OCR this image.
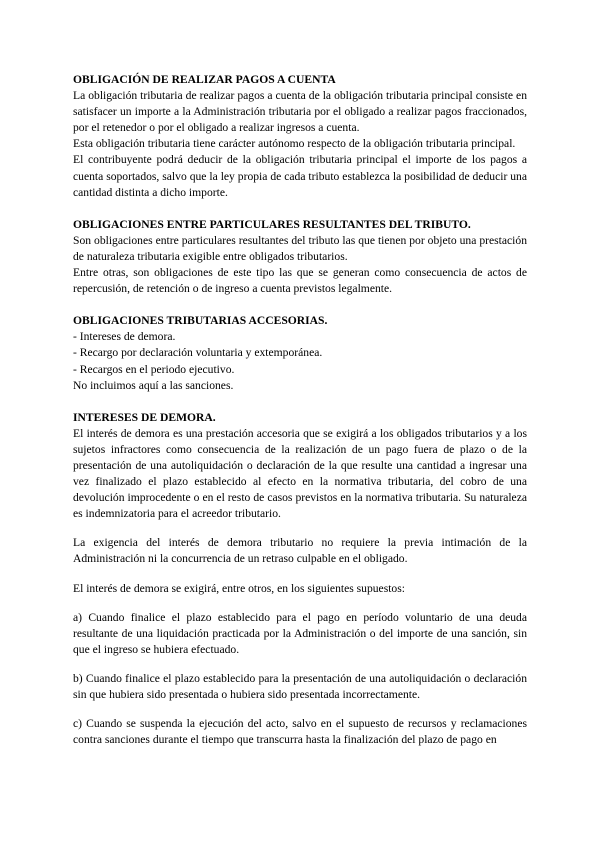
OBLIGACIÓN DE REALIZAR PAGOS A CUENTA

La obligación tributaria de realizar pagos a cuenta de la obligación tributaria principal consiste en satisfacer un importe a la Administración tributaria por el obligado a realizar pagos fraccionados, por el retenedor o por el obligado a realizar ingresos a cuenta.

Esta obligación tributaria tiene carácter autónomo respecto de la obligación tributaria principal.

El contribuyente podrá deducir de la obligación tributaria principal el importe de los pagos a cuenta soportados, salvo que la ley propia de cada tributo establezca la posibilidad de deducir una cantidad distinta a dicho importe.

OBLIGACIONES ENTRE PARTICULARES RESULTANTES DEL TRIBUTO.

Son obligaciones entre particulares resultantes del tributo las que tienen por objeto una prestación de naturaleza tributaria exigible entre obligados tributarios.

Entre otras, son obligaciones de este tipo las que se generan como consecuencia de actos de repercusión, de retención o de ingreso a cuenta previstos legalmente.

OBLIGACIONES TRIBUTARIAS ACCESORIAS.

- Intereses de demora.

- Recargo por declaración voluntaria y extemporánea.

- Recargos en el periodo ejecutivo.

No incluimos aquí a las sanciones.

INTERESES DE DEMORA.

El interés de demora es una prestación accesoria que se exigirá a los obligados tributarios y a los sujetos infractores como consecuencia de la realización de un pago fuera de plazo o de la presentación de una autoliquidación o declaración de la que resulte una cantidad a ingresar una vez finalizado el plazo establecido al efecto en la normativa tributaria, del cobro de una devolución improcedente o en el resto de casos previstos en la normativa tributaria. Su naturaleza es indemnizatoria para el acreedor tributario.

La exigencia del interés de demora tributario no requiere la previa intimación de la Administración ni la concurrencia de un retraso culpable en el obligado.

El interés de demora se exigirá, entre otros, en los siguientes supuestos:

a) Cuando finalice el plazo establecido para el pago en período voluntario de una deuda resultante de una liquidación practicada por la Administración o del importe de una sanción, sin que el ingreso se hubiera efectuado.

b) Cuando finalice el plazo establecido para la presentación de una autoliquidación o declaración sin que hubiera sido presentada o hubiera sido presentada incorrectamente.

c) Cuando se suspenda la ejecución del acto, salvo en el supuesto de recursos y reclamaciones contra sanciones durante el tiempo que transcurra hasta la finalización del plazo de pago en
